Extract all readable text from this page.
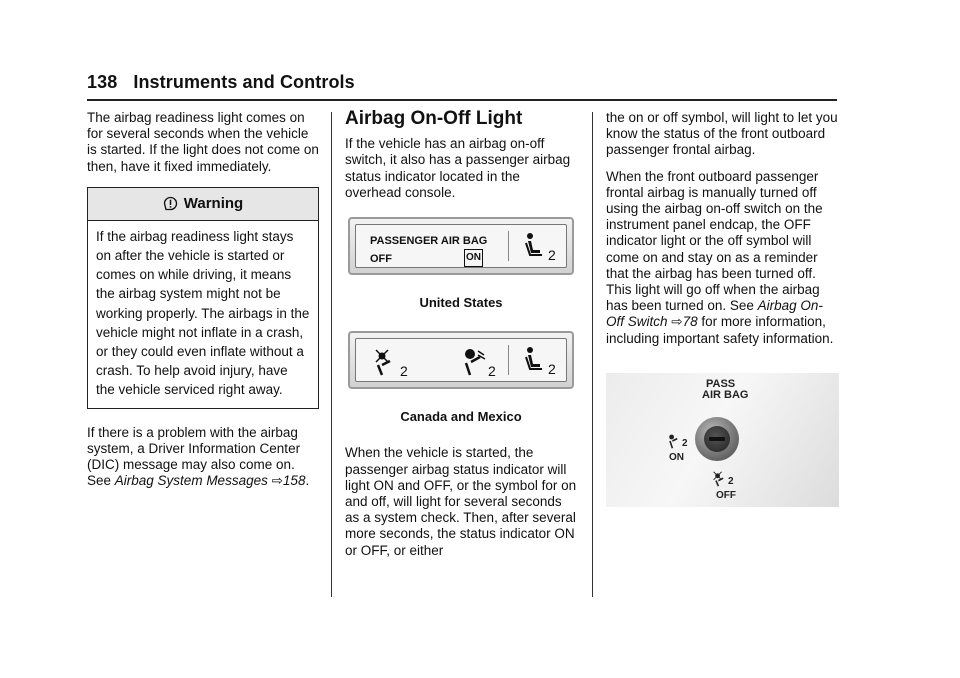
138 Instruments and Controls

The airbag readiness light comes on for several seconds when the vehicle is started. If the light does not come on then, have it fixed immediately.

Warning
If the airbag readiness light stays on after the vehicle is started or comes on while driving, it means the airbag system might not be working properly. The airbags in the vehicle might not inflate in a crash, or they could even inflate without a crash. To help avoid injury, have the vehicle serviced right away.

If there is a problem with the airbag system, a Driver Information Center (DIC) message may also come on. See Airbag System Messages ⇨158.

Airbag On-Off Light

If the vehicle has an airbag on-off switch, it also has a passenger airbag status indicator located in the overhead console.

PASSENGER AIR BAG
OFF	ON	2
United States
2	2	2
Canada and Mexico

When the vehicle is started, the passenger airbag status indicator will light ON and OFF, or the symbol for on and off, will light for several seconds as a system check. Then, after several more seconds, the status indicator ON or OFF, or either

the on or off symbol, will light to let you know the status of the front outboard passenger frontal airbag.

When the front outboard passenger frontal airbag is manually turned off using the airbag on-off switch on the instrument panel endcap, the OFF indicator light or the off symbol will come on and stay on as a reminder that the airbag has been turned off. This light will go off when the airbag has been turned on. See Airbag On-Off Switch ⇨78 for more information, including important safety information.

PASS
AIR BAG
2
ON
2
OFF
